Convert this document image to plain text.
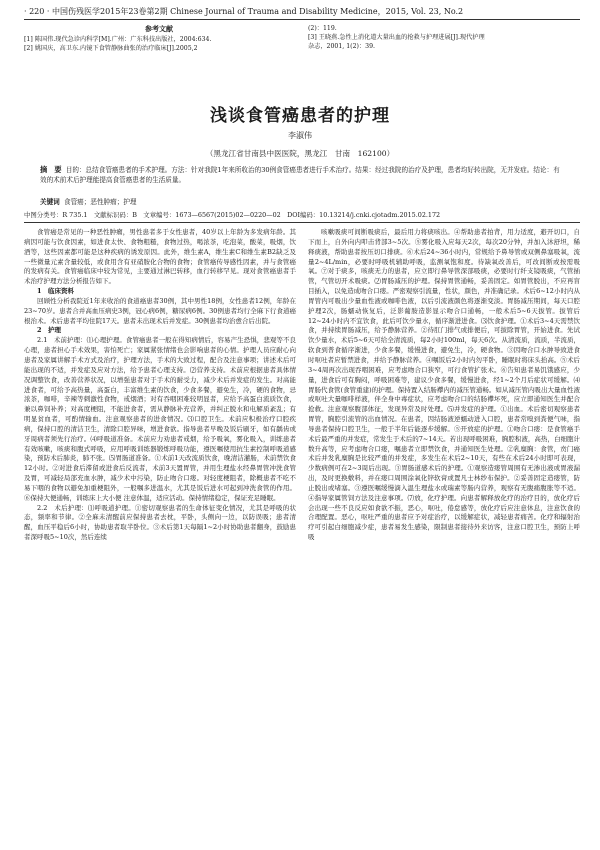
· 220 · 中国伤残医学2015年23卷第2期 Chinese Journal of Trauma and Disability Medicine，2015, Vol. 23, No.2
参考文献
[1] 陈国伟.现代急诊内科学[M].广州：广东科技出版社，2004:634.
[2] 姚国庆，高卫东.内镜下食管静脉曲张的治疗临床[J].2005,2
(2)：119.
[3] 王晓燕.急性上消化道大量出血的抢救与护理进展[J].现代护理
杂志，2001, 1(2)：39.
浅谈食管癌患者的护理
李淑伟
（黑龙江省甘南县中医医院，黑龙江　甘南　162100）
摘　要 目的：总结食管癌患者的手术护理。方法：针对我院1年来所收治的30例食管癌患者进行手术治疗。结果：经过我院的治疗及护理，患者均好转出院，无并发症。结论：有效的术前术后护理能提高食管癌患者的生活质量。
关键词 食管癌；恶性肿瘤；护理
中图分类号：R 735.1　文献标识码：B　文章编号：1673—6567(2015)02—0220—02　DOI编码：10.13214/j.cnki.cjotadm.2015.02.172

食管癌是常见的一种恶性肿瘤，男性患者多于女性患者，40岁以上年龄为多发病年龄。其病因可能与饮食因素，如进食太快、食物粗糙，食物过热，喝浓茶，吃泡菜，酸菜，吸烟，饮酒等，这些因素都可能是这种疾病的诱发原因。此外，维生素A，维生素C和维生素B2缺乏及一些微量元素含量较低，或食用含有亚硝胺化合物的食物；食管癌传导感性因素，并与食管癌的发病有关。食管癌临床中较为常见，主要通过淋巴转移，血行转移罕见。现对食管癌患者手术治疗护理方法分析报告如下。

1　临床资料

回顾性分析我院近1年来收治的食道癌患者30例，其中男性18例，女性患者12例，年龄在23~70岁。患者合并高血压病史3例，冠心病6例，糖尿病6例。30例患者均行全麻下行食道癌根治术。术后患者平均住院17天。患者未出现术后并发症。30例患者均治愈合后出院。

2　护理

2.1　术前护理：⑴心理护理。食管癌患者一般在得知病情后，容易产生恐惧，悲观等不良心理，患者担心手术效果，害怕死亡；家属紧张情绪也会影响患者的心情。护理人员应耐心向患者及家属讲解手术方式及治疗，护理方法，手术的大致过程，配合及注意事项；讲述术后可能出现的不适，并发症及应对方法，给予患者心理支持。⑵营养支持。术前应根据患者具体情况调整饮食，改善营养状况，以增强患者对于手术的耐受力，减少术后并发症的发生。对高能进食者，可给予高热量，高蛋白，丰富维生素的饮食，少食多餐，避免生，冷，硬的食物，忌浓茶，咖啡，辛辣等刺激性食物，戒烟酒；对有吞咽困难较明显者，应给予高蛋白流质饮食，兼以鼻饲补养；对高度梗阻，不能进食者，需从静脉补充营养，并纠正脱水和电解质紊乱；有明显贫血者，可酌情输血。注意观察患者的进食情况。⑶口腔卫生。术前应积极治疗口腔疾病，保持口腔的清洁卫生，清除口腔异味，增进食欲。指导患者早晚及饭后刷牙，如有龋齿或牙周病者须先行治疗。⑷呼吸道准备。术前应力劝患者戒烟，给予吸氧，雾化吸入，训练患者有效咳嗽，咳痰和腹式呼吸，应用呼吸训练器锻炼呼吸功能，遵医嘱使用抗生素控制呼吸道感染，预防术后肺炎，肺不张。⑸胃肠道准备。①术前1天改流质饮食，晚清洁灌肠，术前禁饮食12小时。②对进食后滞留或进食后反流者，术前3天置胃管，并用生理盐水经鼻胃管冲洗食管及胃，可减轻局部充血水肿，减少术中污染，防止吻合口瘘。对轻度梗阻者，除概患者不吃不易下咽的食物以避免加重梗阻外，一般嘱多进温水，尤其是饭后进水可起到冲洗食管的作用。⑥保持大便通畅，训练床上大小便 注意体温，适应活动。保持情绪稳定，保证充足睡眠。

2.2　术后护理：⑴呼吸道护理。①密切观察患者的生命体征变化情况，尤其是呼吸的状态，频率和节律。②全麻未清醒前应保持患者去枕，平卧，头侧向一边，以防误吸；患者清醒，血压平稳后6小时，协助患者取半卧位。③术后第1天每隔1~2小时协助患者翻身，鼓励患者深呼吸5~10次，然后连续

咳嗽吸痰可间断吸痰后，最后用力将痰咳出。④帮助患者拍背，用力适度，避开切口，自下而上，自外向内叩击背部3~5次。⑤雾化吸入应每天2次，每次20分钟，并加入沐舒坦，稀释痰液，帮助患者按压切口排痰。⑥术后24~36小时内，常规给予鼻导管或双侧鼻塞吸氧，流量2~4L/min，必要时呼吸机辅助呼吸，监测氧饱和度。待缺氧改善后，可改间断或按需吸氧。⑦对于痰多，咳痰无力的患者，应立即行鼻导管深部吸痰，必要时行纤支镜吸痰，气管插管，气管切开术吸痰。⑵胃肠减压的护理。保持胃管通畅，妥善固定。如胃管脱出，不应再盲目插入，以免造成吻合口瘘。严密观察引流量，性状，颜色，并准确记录。术后6~12小时内从胃管内可吸出少量血性液或咖啡色液，以后引流液颜色将逐渐变淡。胃肠减压期间，每天口腔护理2次，肠蠕动恢复后，泛影葡胺造影显示吻合口通畅，一般术后5~6天拔管。拔管后12~24小时内不宜饮食，此后可饮少量水，循序渐进进食。⑶饮食护理。①术后3~4天需禁饮食，并持续胃肠减压，给予静脉营养。②待肛门排气或排便后，可拔除胃管，开始进食。先试饮少量水，术后5~6天可给全清流质，每2小时100ml，每天6次。从清流质，流质，半流质，软食到普食循序渐进，少食多餐，缓慢进食，避免生，冷，硬食物。③因吻合口水肿导致进食时呕吐者应暂禁进食，并给予静脉营养。④嘱饭后2小时内勿平卧，睡眠时将床头抬高。⑤术后3~4周再次出现吞咽困难，应考虑吻合口狭窄，可行食管扩张术。⑥告知患者易饥饿感应，少量，进食后可有胸闷，呼吸困难等，建议少食多餐，缓慢进食，经1~2个月后症状可缓解。⑷胃肠代食管(食管重建)的护理。保持置入结肠襻内的减压管通畅。如从减压管内吸出大量血性液或呕吐大量咖啡样液，伴全身中毒症状，应考虑吻合口的结肠襻坏死，应立即通知医生并配合抢救。注意观察腹部体征，发现异常及时处理。⑸并发症的护理。①出血。术后密切观察患者胃管，胸腔引流管的出血情况。在患者，因结肠液逆蠕动进入口腔，患者常嗅到粪便气味，指导患者保持口腔卫生，一般于半年后能逐步缓解。⑤开放症的护理。①吻合口瘘：是食管癌手术后最严重的并发症，常发生于术后的7~14天。若出现呼吸困难，胸腔积液，高热，白细胞计数升高等，应考虑吻合口瘘，嘱患者立即禁饮食，并通知医生处理。②乳糜胸：食管，贲门癌术后并发乳糜胸是比较严重的并发症，多发生在术后2~10天，有些在术后24小时即可表现，少数病例可在2~3周后出现。③胃肠道感术后的护理。①观察造瘘管周围有无渗出液或胃液漏出，及时更换敷料，并在瘘口周围涂氧化锌软膏或置凡士林纱布保护。②妥善固定造瘘管，防止脱出或堵塞。③遵医嘱缓慢滴入温生理盐水或瑞素等肠内营养，观察有无腹痛腹胀等不适。④指导家属管饲方法及注意事项。⑺放，化疗护理。向患者解释放化疗的治疗目的，放化疗后会出现一些不良反应如食欲不振，恶心，呕吐，倦怠感等，放化疗后应注意休息，注意饮食的合理配置。恶心，呕吐严重的患者应予对症治疗，以缓解症状，减轻患者痛苦。化疗和辐射治疗可引起白细胞减少症，患者易发生感染，限制患者接待外来访客，注意口腔卫生，预防上呼吸
